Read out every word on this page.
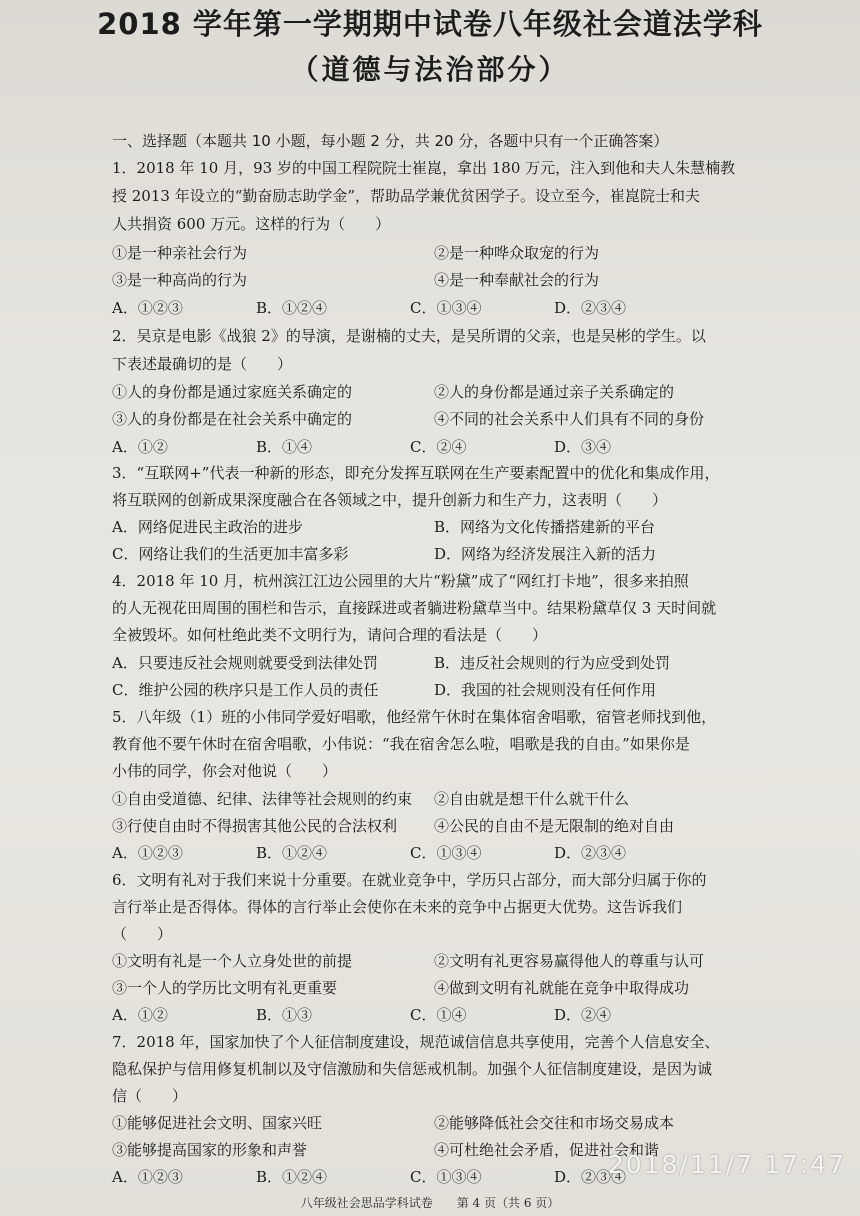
2018 学年第一学期期中试卷八年级社会道法学科
（道德与法治部分）
一、选择题（本题共 10 小题，每小题 2 分，共 20 分，各题中只有一个正确答案）
1．2018 年 10 月，93 岁的中国工程院院士崔崑，拿出 180 万元，注入到他和夫人朱慧楠教
授 2013 年设立的“勤奋励志助学金”，帮助品学兼优贫困学子。设立至今，崔崑院士和夫
人共捐资 600 万元。这样的行为（　　）
①是一种亲社会行为	②是一种哗众取宠的行为
③是一种高尚的行为	④是一种奉献社会的行为
A．①②③	B．①②④	C．①③④	D．②③④
2．吴京是电影《战狼 2》的导演，是谢楠的丈夫，是吴所谓的父亲，也是吴彬的学生。以
下表述最确切的是（　　）
①人的身份都是通过家庭关系确定的	②人的身份都是通过亲子关系确定的
③人的身份都是在社会关系中确定的	④不同的社会关系中人们具有不同的身份
A．①②	B．①④	C．②④	D．③④
3．“互联网+”代表一种新的形态，即充分发挥互联网在生产要素配置中的优化和集成作用，
将互联网的创新成果深度融合在各领域之中，提升创新力和生产力，这表明（　　）
A．网络促进民主政治的进步	B．网络为文化传播搭建新的平台
C．网络让我们的生活更加丰富多彩	D．网络为经济发展注入新的活力
4．2018 年 10 月，杭州滨江江边公园里的大片“粉黛”成了“网红打卡地”，很多来拍照
的人无视花田周围的围栏和告示，直接踩进或者躺进粉黛草当中。结果粉黛草仅 3 天时间就
全被毁坏。如何杜绝此类不文明行为，请问合理的看法是（　　）
A．只要违反社会规则就要受到法律处罚	B．违反社会规则的行为应受到处罚
C．维护公园的秩序只是工作人员的责任	D．我国的社会规则没有任何作用
5．八年级（1）班的小伟同学爱好唱歌，他经常午休时在集体宿舍唱歌，宿管老师找到他，
教育他不要午休时在宿舍唱歌，小伟说：“我在宿舍怎么啦，唱歌是我的自由。”如果你是
小伟的同学，你会对他说（　　）
①自由受道德、纪律、法律等社会规则的约束 ②自由就是想干什么就干什么
③行使自由时不得损害其他公民的合法权利 ④公民的自由不是无限制的绝对自由
A．①②③	B．①②④	C．①③④	D．②③④
6．文明有礼对于我们来说十分重要。在就业竞争中，学历只占部分，而大部分归属于你的
言行举止是否得体。得体的言行举止会使你在未来的竞争中占据更大优势。这告诉我们
（　　）
①文明有礼是一个人立身处世的前提	②文明有礼更容易赢得他人的尊重与认可
③一个人的学历比文明有礼更重要	④做到文明有礼就能在竞争中取得成功
A．①②	B．①③	C．①④	D．②④
7．2018 年，国家加快了个人征信制度建设，规范诚信信息共享使用，完善个人信息安全、
隐私保护与信用修复机制以及守信激励和失信惩戒机制。加强个人征信制度建设，是因为诚
信（　　）
①能够促进社会文明、国家兴旺	②能够降低社会交往和市场交易成本
③能够提高国家的形象和声誉	④可杜绝社会矛盾，促进社会和谐
A．①②③	B．①②④	C．①③④	D．②③④
2018/11/7 17:47
八年级社会思品学科试卷　　第 4 页（共 6 页）
